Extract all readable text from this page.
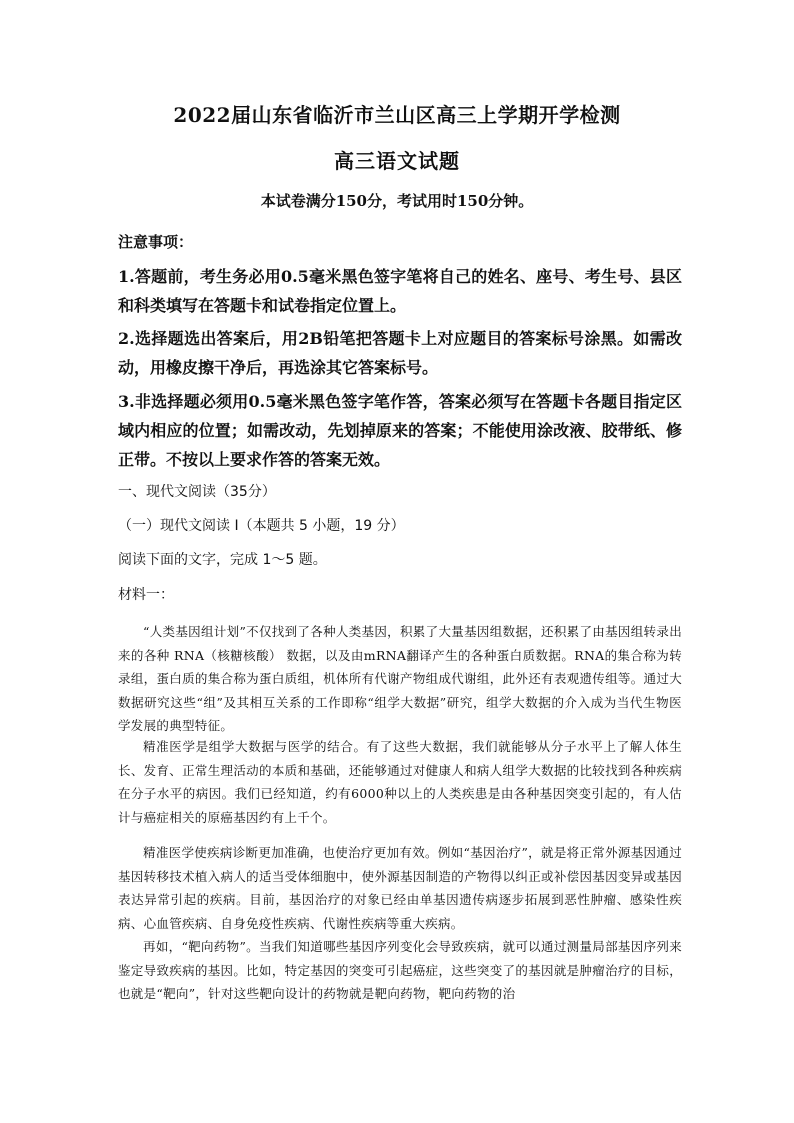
2022届山东省临沂市兰山区高三上学期开学检测
高三语文试题
本试卷满分150分，考试用时150分钟。
注意事项：
1.答题前，考生务必用0.5毫米黑色签字笔将自己的姓名、座号、考生号、县区和科类填写在答题卡和试卷指定位置上。
2.选择题选出答案后，用2B铅笔把答题卡上对应题目的答案标号涂黑。如需改动，用橡皮擦干净后，再选涂其它答案标号。
3.非选择题必须用0.5毫米黑色签字笔作答，答案必须写在答题卡各题目指定区域内相应的位置；如需改动，先划掉原来的答案；不能使用涂改液、胶带纸、修正带。不按以上要求作答的答案无效。
一、现代文阅读（35分）
（一）现代文阅读 I（本题共 5 小题，19 分）
阅读下面的文字，完成 1～5 题。
材料一：
“人类基因组计划”不仅找到了各种人类基因，积累了大量基因组数据，还积累了由基因组转录出来的各种 RNA（核糖核酸） 数据，以及由mRNA翻译产生的各种蛋白质数据。RNA的集合称为转录组，蛋白质的集合称为蛋白质组，机体所有代谢产物组成代谢组，此外还有表观遗传组等。通过大数据研究这些“组”及其相互关系的工作即称“组学大数据”研究，组学大数据的介入成为当代生物医学发展的典型特征。
精准医学是组学大数据与医学的结合。有了这些大数据，我们就能够从分子水平上了解人体生长、发育、正常生理活动的本质和基础，还能够通过对健康人和病人组学大数据的比较找到各种疾病在分子水平的病因。我们已经知道，约有6000种以上的人类疾患是由各种基因突变引起的，有人估计与癌症相关的原癌基因约有上千个。
精准医学使疾病诊断更加准确，也使治疗更加有效。例如“基因治疗”，就是将正常外源基因通过基因转移技术植入病人的适当受体细胞中，使外源基因制造的产物得以纠正或补偿因基因变异或基因表达异常引起的疾病。目前，基因治疗的对象已经由单基因遗传病逐步拓展到恶性肿瘤、感染性疾病、心血管疾病、自身免疫性疾病、代谢性疾病等重大疾病。
再如，“靶向药物”。当我们知道哪些基因序列变化会导致疾病，就可以通过测量局部基因序列来鉴定导致疾病的基因。比如，特定基因的突变可引起癌症，这些突变了的基因就是肿瘤治疗的目标，也就是“靶向”，针对这些靶向设计的药物就是靶向药物，靶向药物的治
